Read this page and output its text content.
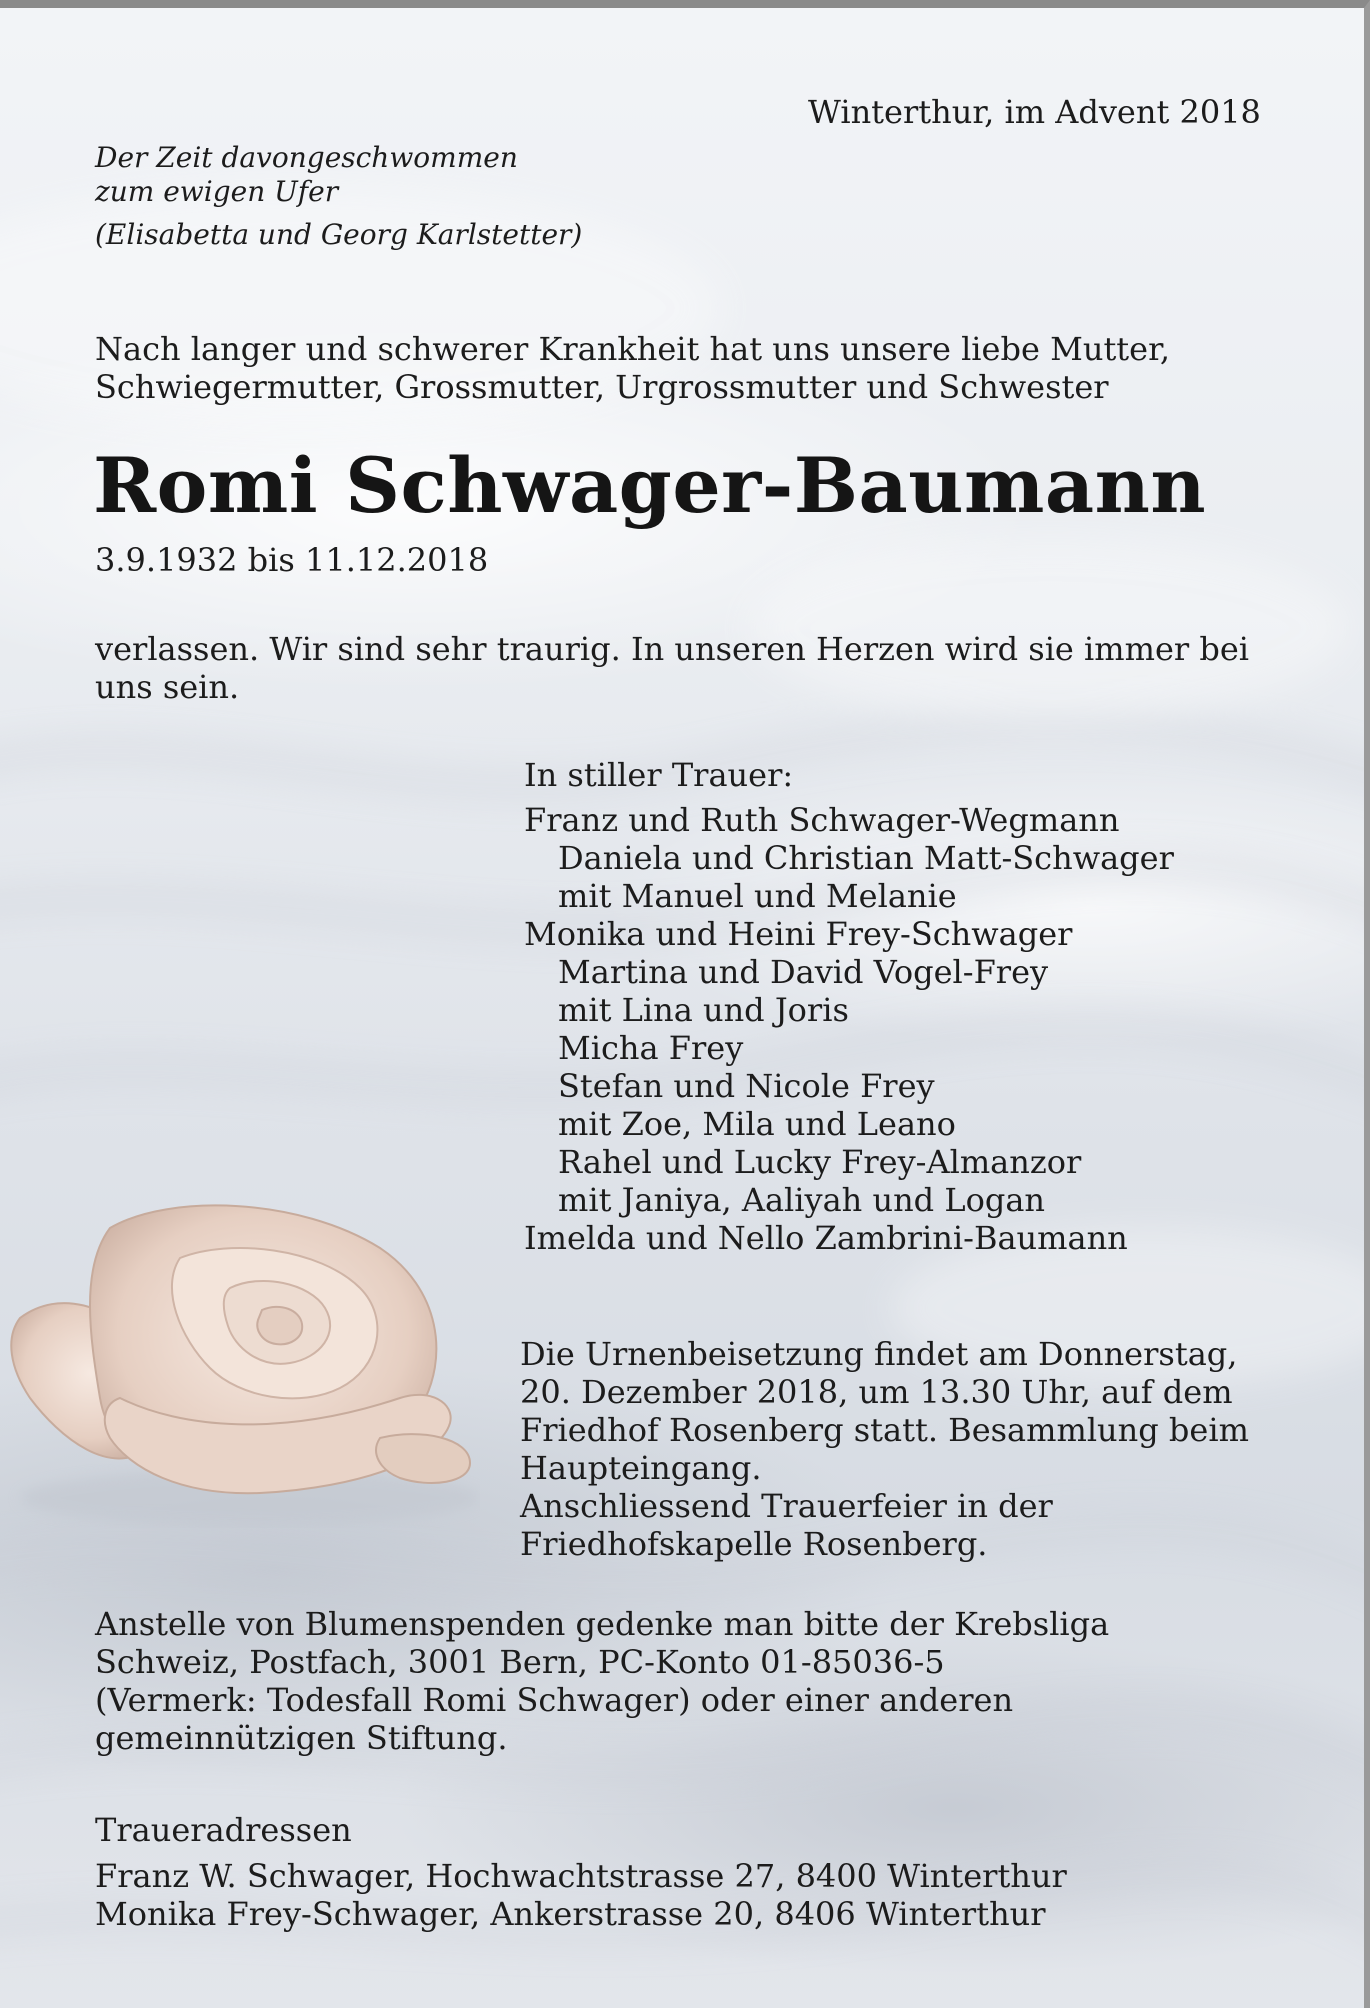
Winterthur, im Advent 2018

Der Zeit davongeschwommen

zum ewigen Ufer

(Elisabetta und Georg Karlstetter)

Nach langer und schwerer Krankheit hat uns unsere liebe Mutter,

Schwiegermutter, Grossmutter, Urgrossmutter und Schwester

Romi Schwager-Baumann

3.9.1932 bis 11.12.2018

verlassen. Wir sind sehr traurig. In unseren Herzen wird sie immer bei

uns sein.

In stiller Trauer:

Franz und Ruth Schwager-Wegmann

Daniela und Christian Matt-Schwager

mit Manuel und Melanie

Monika und Heini Frey-Schwager

Martina und David Vogel-Frey

mit Lina und Joris

Micha Frey

Stefan und Nicole Frey

mit Zoe, Mila und Leano

Rahel und Lucky Frey-Almanzor

mit Janiya, Aaliyah und Logan

Imelda und Nello Zambrini-Baumann

Die Urnenbeisetzung findet am Donnerstag,

20. Dezember 2018, um 13.30 Uhr, auf dem

Friedhof Rosenberg statt. Besammlung beim

Haupteingang.

Anschliessend Trauerfeier in der

Friedhofskapelle Rosenberg.

Anstelle von Blumenspenden gedenke man bitte der Krebsliga

Schweiz, Postfach, 3001 Bern, PC-Konto 01-85036-5

(Vermerk: Todesfall Romi Schwager) oder einer anderen

gemeinnützigen Stiftung.

Traueradressen

Franz W. Schwager, Hochwachtstrasse 27, 8400 Winterthur

Monika Frey-Schwager, Ankerstrasse 20, 8406 Winterthur
